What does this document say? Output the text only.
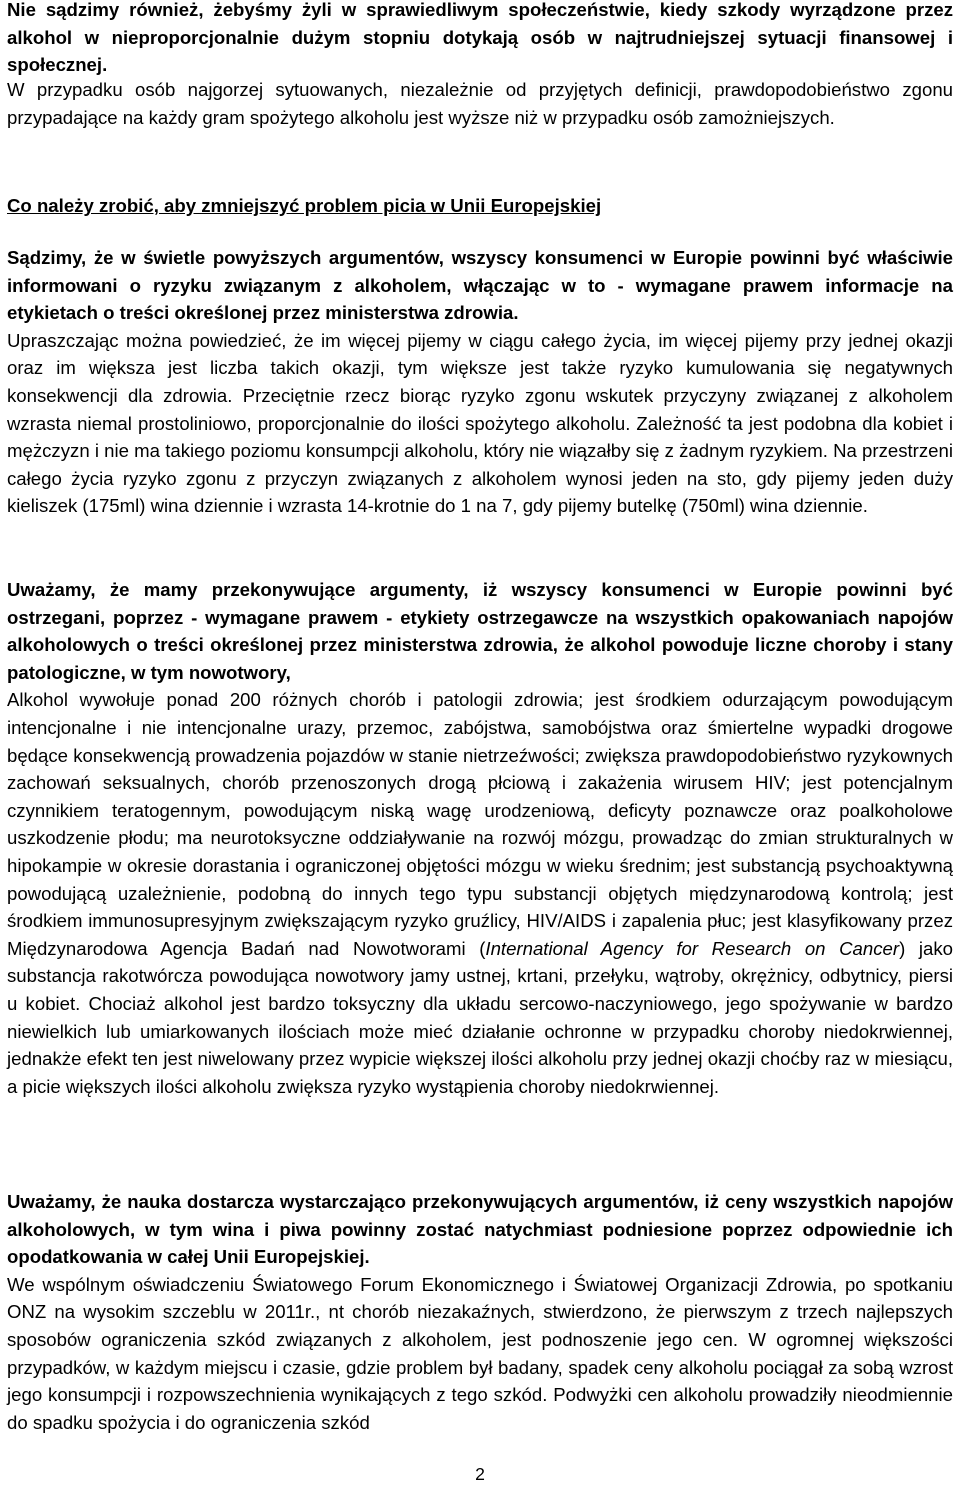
Nie sądzimy również, żebyśmy żyli w sprawiedliwym społeczeństwie, kiedy szkody wyrządzone przez alkohol w nieproporcjonalnie dużym stopniu dotykają osób w najtrudniejszej sytuacji finansowej i społecznej.

W przypadku osób najgorzej sytuowanych, niezależnie od przyjętych definicji, prawdopodobieństwo zgonu przypadające na każdy gram spożytego alkoholu jest wyższe niż w przypadku osób zamożniejszych.

Co należy zrobić, aby zmniejszyć problem picia w Unii Europejskiej

Sądzimy, że w świetle powyższych argumentów, wszyscy konsumenci w Europie powinni być właściwie informowani o ryzyku związanym z alkoholem, włączając w to - wymagane prawem informacje na etykietach o treści określonej przez ministerstwa zdrowia.

Upraszczając można powiedzieć, że im więcej pijemy w ciągu całego życia, im więcej pijemy przy jednej okazji oraz im większa jest liczba takich okazji, tym większe jest także ryzyko kumulowania się negatywnych konsekwencji dla zdrowia. Przeciętnie rzecz biorąc ryzyko zgonu wskutek przyczyny związanej z alkoholem wzrasta niemal prostoliniowo, proporcjonalnie do ilości spożytego alkoholu. Zależność ta jest podobna dla kobiet i mężczyzn i nie ma takiego poziomu konsumpcji alkoholu, który nie wiązałby się z żadnym ryzykiem. Na przestrzeni całego życia ryzyko zgonu z przyczyn związanych z alkoholem wynosi jeden na sto, gdy pijemy jeden duży kieliszek (175ml) wina dziennie i wzrasta 14-krotnie do 1 na 7, gdy pijemy butelkę (750ml) wina dziennie.

Uważamy, że mamy przekonywujące argumenty, iż wszyscy konsumenci w Europie powinni być ostrzegani, poprzez - wymagane prawem - etykiety ostrzegawcze na wszystkich opakowaniach napojów alkoholowych o treści określonej przez ministerstwa zdrowia, że alkohol powoduje liczne choroby i stany patologiczne, w tym nowotwory,

Alkohol wywołuje ponad 200 różnych chorób i patologii zdrowia; jest środkiem odurzającym powodującym intencjonalne i nie intencjonalne urazy, przemoc, zabójstwa, samobójstwa oraz śmiertelne wypadki drogowe będące konsekwencją prowadzenia pojazdów w stanie nietrzeźwości; zwiększa prawdopodobieństwo ryzykownych zachowań seksualnych, chorób przenoszonych drogą płciową i zakażenia wirusem HIV; jest potencjalnym czynnikiem teratogennym, powodującym niską wagę urodzeniową, deficyty poznawcze oraz poalkoholowe uszkodzenie płodu; ma neurotoksyczne oddziaływanie na rozwój mózgu, prowadząc do zmian strukturalnych w hipokampie w okresie dorastania i ograniczonej objętości mózgu w wieku średnim; jest substancją psychoaktywną powodującą uzależnienie, podobną do innych tego typu substancji objętych międzynarodową kontrolą; jest środkiem immunosupresyjnym zwiększającym ryzyko gruźlicy, HIV/AIDS i zapalenia płuc; jest klasyfikowany przez Międzynarodowa Agencja Badań nad Nowotworami (International Agency for Research on Cancer) jako substancja rakotwórcza powodująca nowotwory jamy ustnej, krtani, przełyku, wątroby, okrężnicy, odbytnicy, piersi u kobiet. Chociaż alkohol jest bardzo toksyczny dla układu sercowo-naczyniowego, jego spożywanie w bardzo niewielkich lub umiarkowanych ilościach może mieć działanie ochronne w przypadku choroby niedokrwiennej, jednakże efekt ten jest niwelowany przez wypicie większej ilości alkoholu przy jednej okazji choćby raz w miesiącu, a picie większych ilości alkoholu zwiększa ryzyko wystąpienia choroby niedokrwiennej.

Uważamy, że nauka dostarcza wystarczająco przekonywujących argumentów, iż ceny wszystkich napojów alkoholowych, w tym wina i piwa powinny zostać natychmiast podniesione poprzez odpowiednie ich opodatkowania w całej Unii Europejskiej.

We wspólnym oświadczeniu Światowego Forum Ekonomicznego i Światowej Organizacji Zdrowia, po spotkaniu ONZ na wysokim szczeblu w 2011r., nt chorób niezakaźnych, stwierdzono, że pierwszym z trzech najlepszych sposobów ograniczenia szkód związanych z alkoholem, jest podnoszenie jego cen. W ogromnej większości przypadków, w każdym miejscu i czasie, gdzie problem był badany, spadek ceny alkoholu pociągał za sobą wzrost jego konsumpcji i rozpowszechnienia wynikających z tego szkód. Podwyżki cen alkoholu prowadziły nieodmiennie do spadku spożycia i do ograniczenia szkód

2
